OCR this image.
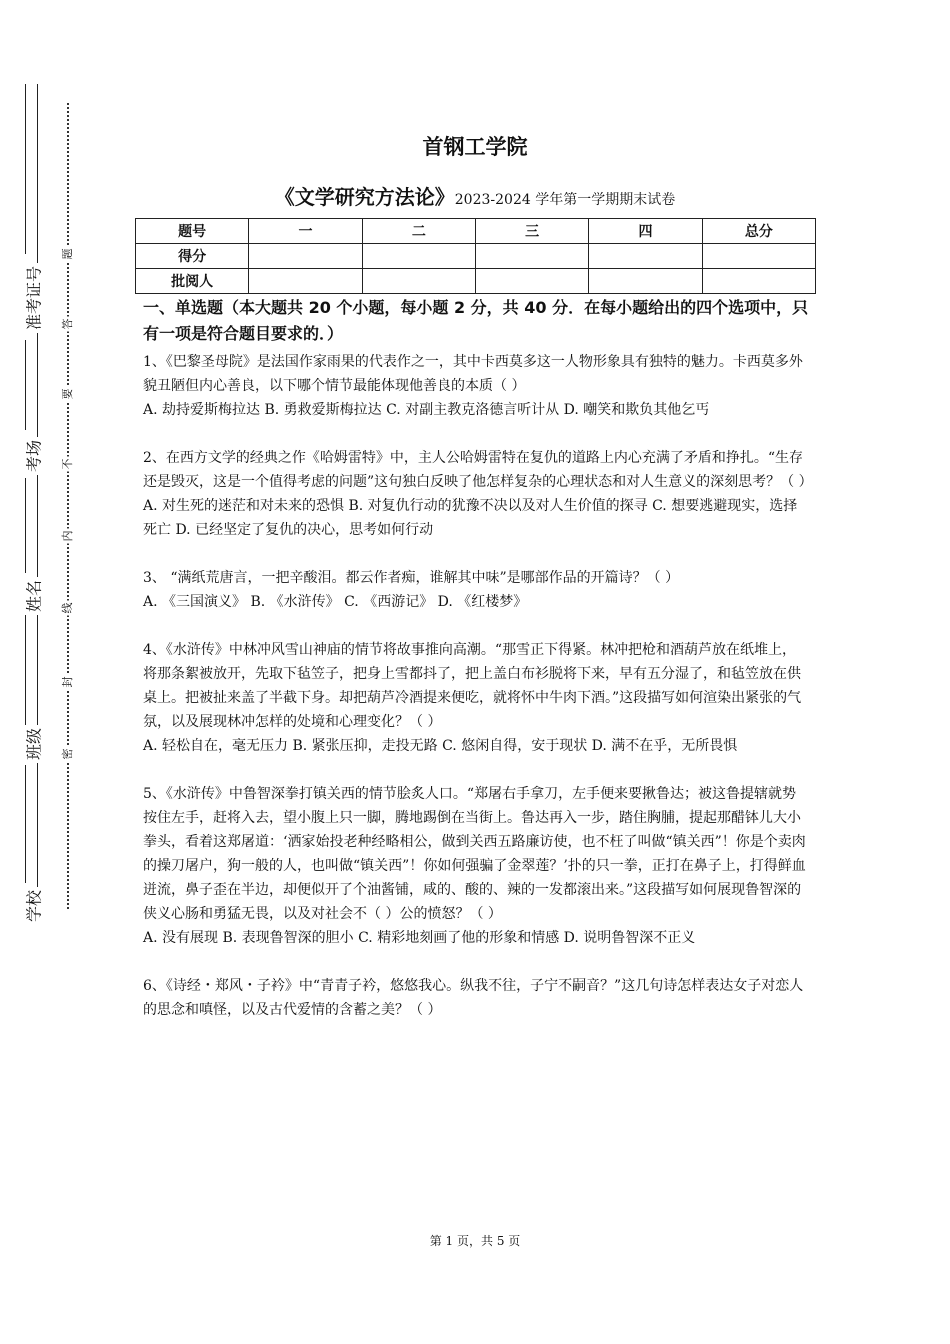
准考证号
考场
姓名
班级
学校
题
答
要
不
内
线
封
密
首钢工学院
《文学研究方法论》2023-2024 学年第一学期期末试卷
题号	一	二	三	四	总分
得分					
批阅人					

一、单选题（本大题共 20 个小题，每小题 2 分，共 40 分．在每小题给出的四个选项中，只有一项是符合题目要求的．）

1、《巴黎圣母院》是法国作家雨果的代表作之一，其中卡西莫多这一人物形象具有独特的魅力。卡西莫多外貌丑陋但内心善良，以下哪个情节最能体现他善良的本质（ ）

A. 劫持爱斯梅拉达 B. 勇救爱斯梅拉达 C. 对副主教克洛德言听计从 D. 嘲笑和欺负其他乞丐

2、在西方文学的经典之作《哈姆雷特》中，主人公哈姆雷特在复仇的道路上内心充满了矛盾和挣扎。“生存还是毁灭，这是一个值得考虑的问题”这句独白反映了他怎样复杂的心理状态和对人生意义的深刻思考？（ ）

A. 对生死的迷茫和对未来的恐惧 B. 对复仇行动的犹豫不决以及对人生价值的探寻 C. 想要逃避现实，选择死亡 D. 已经坚定了复仇的决心，思考如何行动

3、 “满纸荒唐言，一把辛酸泪。都云作者痴，谁解其中味”是哪部作品的开篇诗？（ ）

A. 《三国演义》 B. 《水浒传》 C. 《西游记》 D. 《红楼梦》

4、《水浒传》中林冲风雪山神庙的情节将故事推向高潮。“那雪正下得紧。林冲把枪和酒葫芦放在纸堆上，将那条絮被放开，先取下毡笠子，把身上雪都抖了，把上盖白布衫脱将下来，早有五分湿了，和毡笠放在供桌上。把被扯来盖了半截下身。却把葫芦冷酒提来便吃，就将怀中牛肉下酒。”这段描写如何渲染出紧张的气氛，以及展现林冲怎样的处境和心理变化？（ ）

A. 轻松自在，毫无压力 B. 紧张压抑，走投无路 C. 悠闲自得，安于现状 D. 满不在乎，无所畏惧

5、《水浒传》中鲁智深拳打镇关西的情节脍炙人口。“郑屠右手拿刀，左手便来要揪鲁达；被这鲁提辖就势按住左手，赶将入去，望小腹上只一脚，腾地踢倒在当街上。鲁达再入一步，踏住胸脯，提起那醋钵儿大小拳头，看着这郑屠道：‘洒家始投老种经略相公，做到关西五路廉访使，也不枉了叫做“镇关西”！你是个卖肉的操刀屠户，狗一般的人，也叫做“镇关西”！你如何强骗了金翠莲？’扑的只一拳，正打在鼻子上，打得鲜血迸流，鼻子歪在半边，却便似开了个油酱铺，咸的、酸的、辣的一发都滚出来。”这段描写如何展现鲁智深的侠义心肠和勇猛无畏，以及对社会不（ ）公的愤怒？（ ）

A. 没有展现 B. 表现鲁智深的胆小 C. 精彩地刻画了他的形象和情感 D. 说明鲁智深不正义

6、《诗经・郑风・子衿》中“青青子衿，悠悠我心。纵我不往，子宁不嗣音？”这几句诗怎样表达女子对恋人的思念和嗔怪，以及古代爱情的含蓄之美？（ ）

第 1 页，共 5 页
